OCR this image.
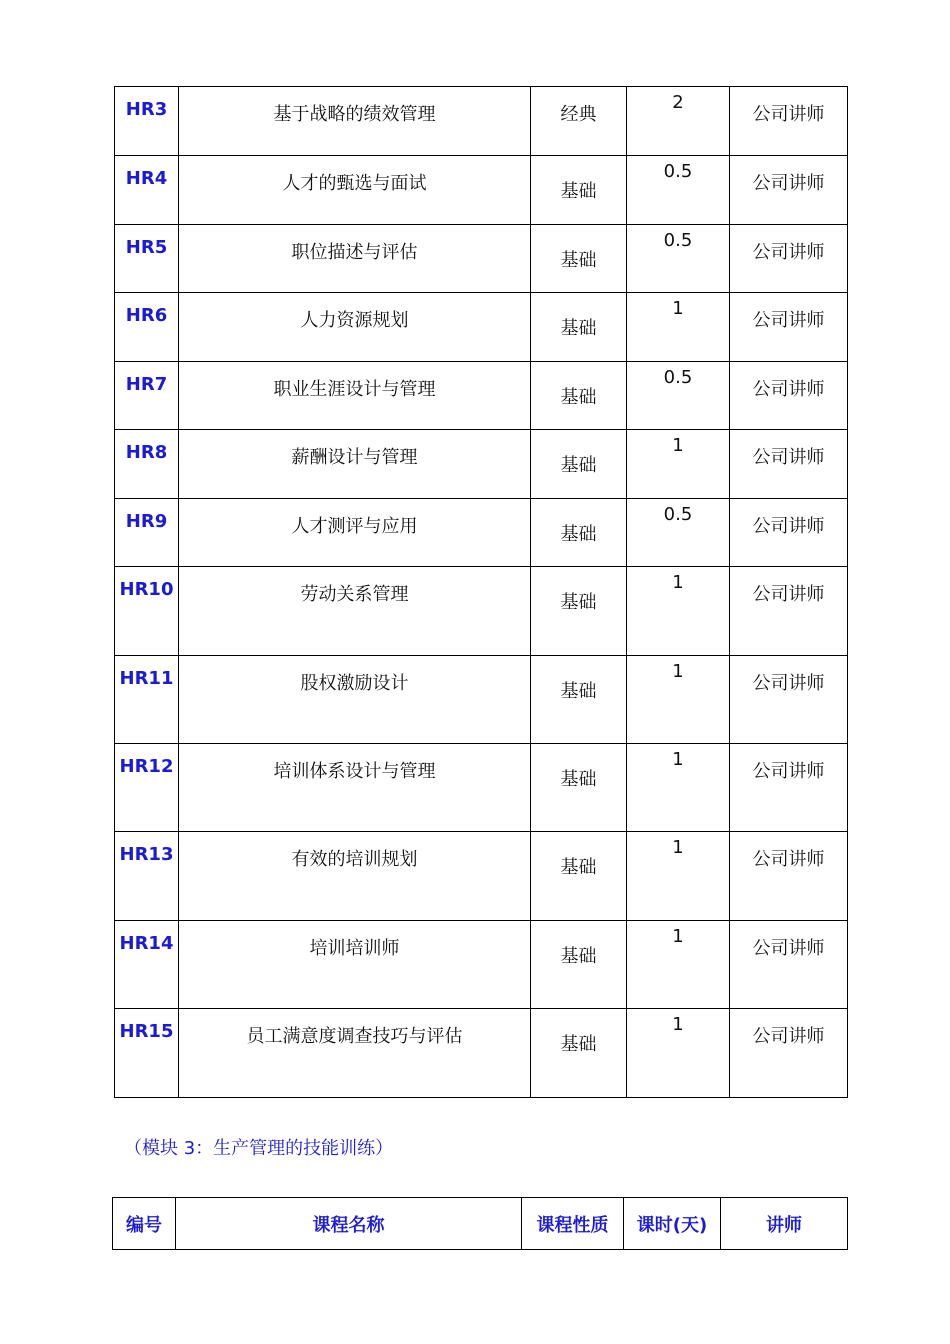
HR3	基于战略的绩效管理	经典	2	公司讲师

HR4	人才的甄选与面试	基础	0.5	公司讲师

HR5	职位描述与评估	基础	0.5	公司讲师

HR6	人力资源规划	基础	1	公司讲师

HR7	职业生涯设计与管理	基础	0.5	公司讲师

HR8	薪酬设计与管理	基础	1	公司讲师

HR9	人才测评与应用	基础	0.5	公司讲师

HR10	劳动关系管理	基础	1	公司讲师

HR11	股权激励设计	基础	1	公司讲师

HR12	培训体系设计与管理	基础	1	公司讲师

HR13	有效的培训规划	基础	1	公司讲师

HR14	培训培训师	基础	1	公司讲师

HR15	员工满意度调查技巧与评估	基础	1	公司讲师
（模块 3：生产管理的技能训练）
编号	课程名称	课程性质	课时(天)	讲师
